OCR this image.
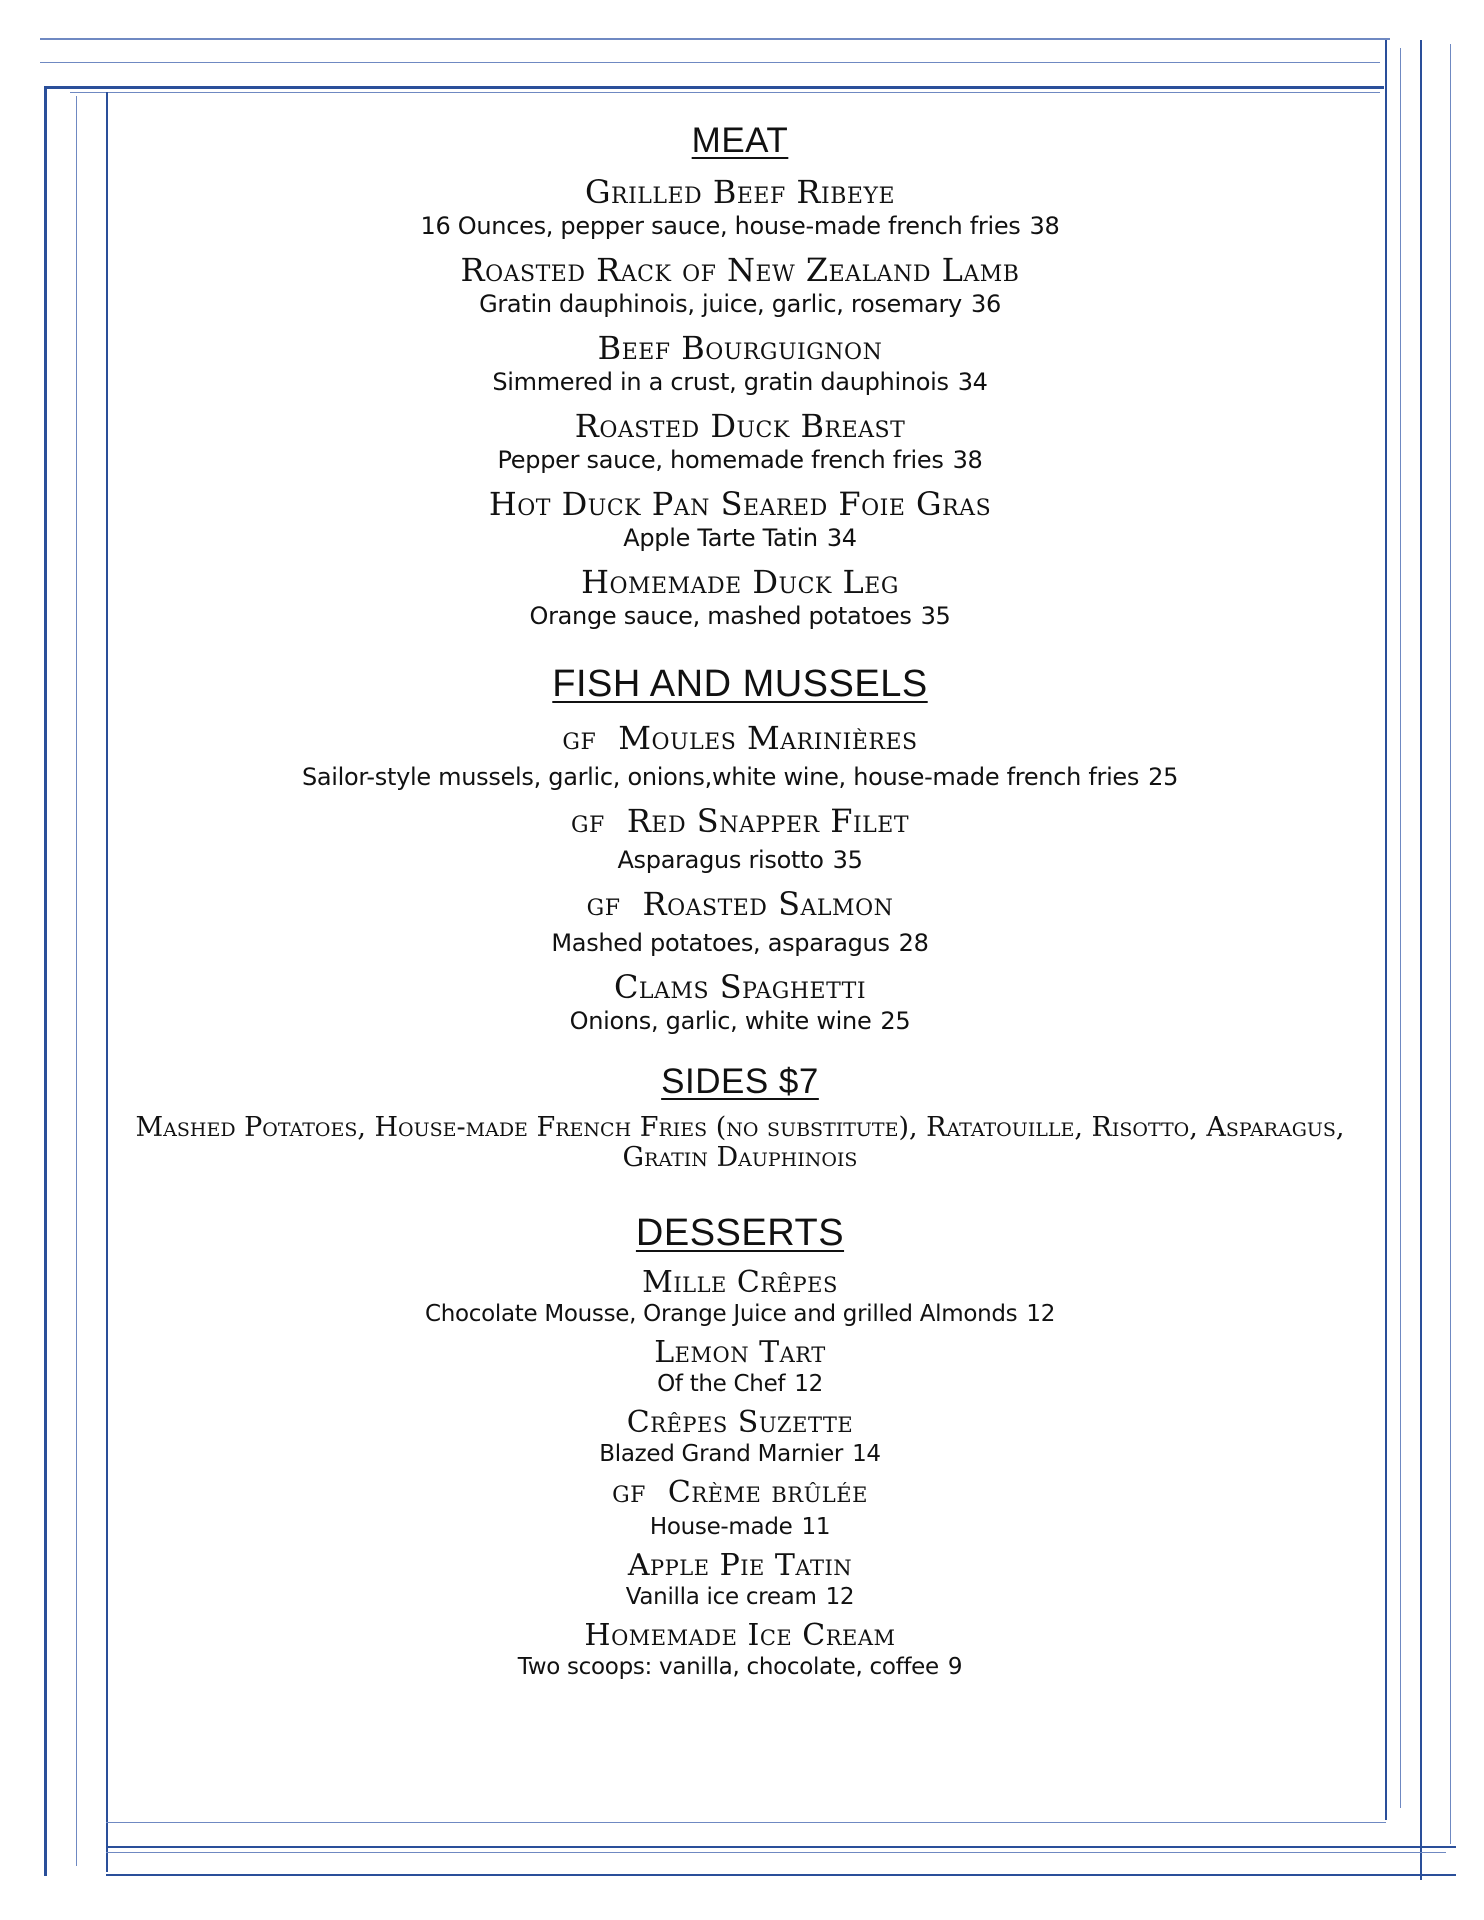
MEAT
Grilled Beef Ribeye
16 Ounces, pepper sauce, house-made french fries 38
Roasted Rack of New Zealand Lamb
Gratin dauphinois, juice, garlic, rosemary 36
Beef Bourguignon
Simmered in a crust, gratin dauphinois 34
Roasted Duck Breast
Pepper sauce, homemade french fries 38
Hot Duck Pan Seared Foie Gras
Apple Tarte Tatin 34
Homemade Duck Leg
Orange sauce, mashed potatoes 35
FISH AND MUSSELS
GF Moules Marinières
Sailor-style mussels, garlic, onions,white wine, house-made french fries 25
GF Red Snapper Filet
Asparagus risotto 35
GF Roasted Salmon
Mashed potatoes, asparagus 28
Clams Spaghetti
Onions, garlic, white wine 25
SIDES $7
Mashed Potatoes, House-made French Fries (no substitute), Ratatouille, Risotto, Asparagus, Gratin Dauphinois
DESSERTS
Mille Crêpes
Chocolate Mousse, Orange Juice and grilled Almonds 12
Lemon Tart
Of the Chef 12
Crêpes Suzette
Blazed Grand Marnier 14
GF Crème brûlée
House-made 11
Apple Pie Tatin
Vanilla ice cream 12
Homemade Ice Cream
Two scoops: vanilla, chocolate, coffee 9
